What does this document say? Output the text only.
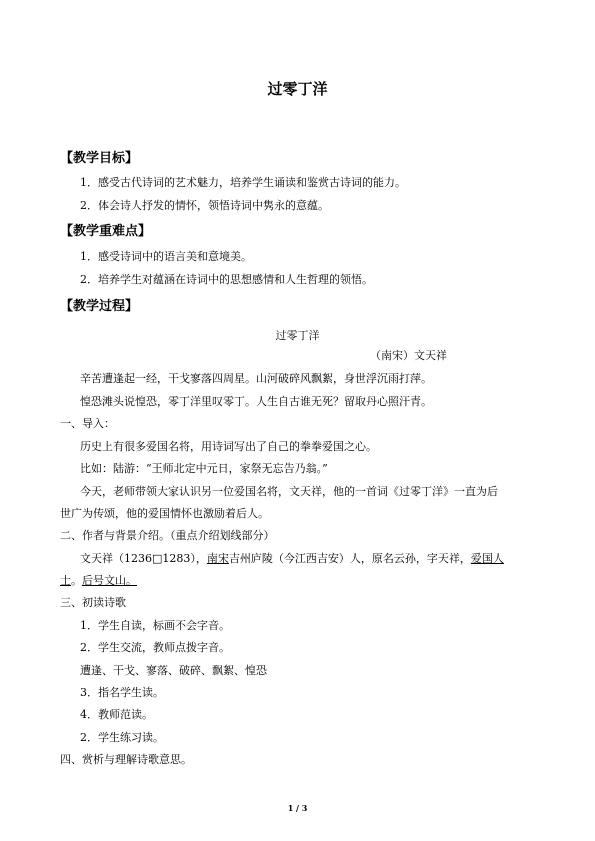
过零丁洋
【教学目标】
1．感受古代诗词的艺术魅力，培养学生诵读和鉴赏古诗词的能力。
2．体会诗人抒发的情怀，领悟诗词中隽永的意蕴。
【教学重难点】
1．感受诗词中的语言美和意境美。
2．培养学生对蕴涵在诗词中的思想感情和人生哲理的领悟。
【教学过程】
过零丁洋
（南宋）文天祥
辛苦遭逢起一经，干戈寥落四周星。山河破碎风飘絮，身世浮沉雨打萍。
惶恐滩头说惶恐，零丁洋里叹零丁。人生自古谁无死？留取丹心照汗青。
一、导入：
历史上有很多爱国名将，用诗词写出了自己的拳拳爱国之心。
比如：陆游：“王师北定中元日，家祭无忘告乃翁。”
今天，老师带领大家认识另一位爱国名将，文天祥，他的一首词《过零丁洋》一直为后
世广为传颂，他的爱国情怀也激励着后人。
二、作者与背景介绍。（重点介绍划线部分）
文天祥（1236□1283），南宋吉州庐陵（今江西吉安）人，原名云孙，字天祥，爱国人
士。后号文山。
三、初读诗歌
1．学生自读，标画不会字音。
2．学生交流，教师点拨字音。
遭逢、干戈、寥落、破碎、飘絮、惶恐
3．指名学生读。
4．教师范读。
2．学生练习读。
四、赏析与理解诗歌意思。
1 / 3
